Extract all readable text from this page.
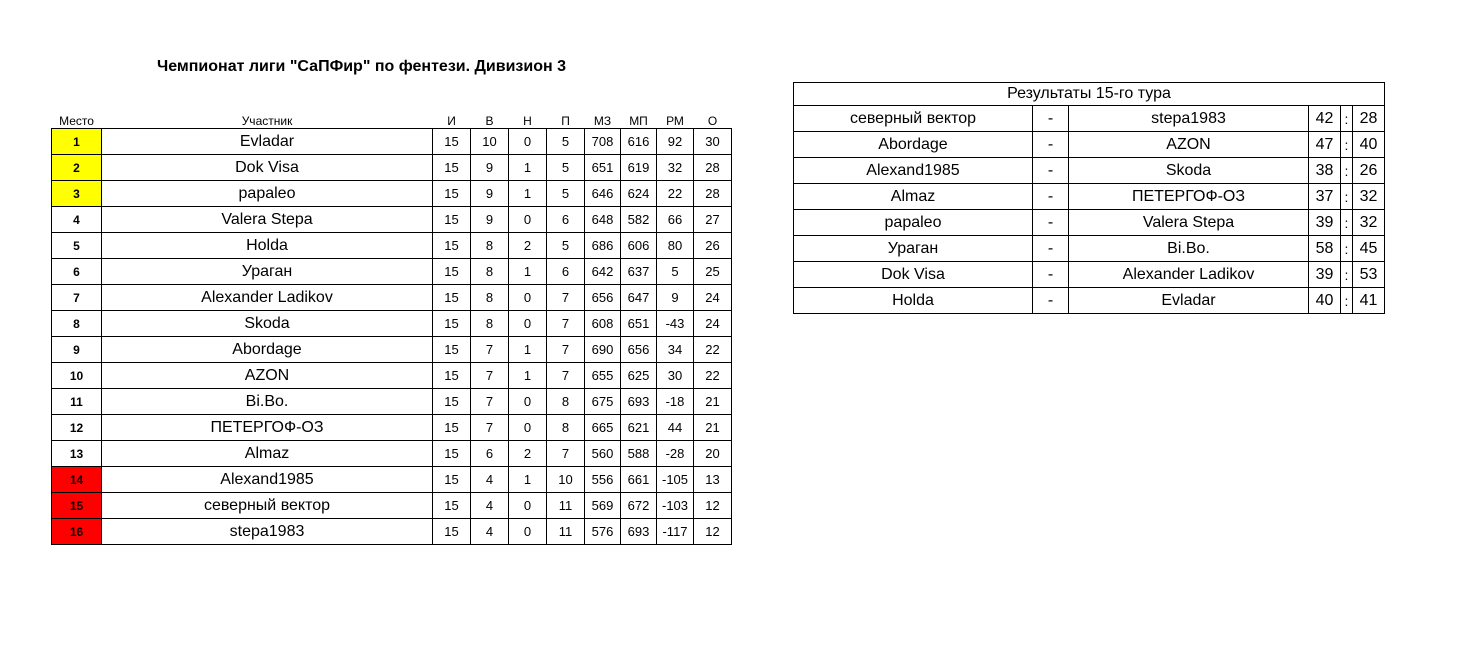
Чемпионат лиги "СаПФир" по фентези. Дивизион 3
Место	Участник	И	В	Н	П	МЗ	МП	РМ	О
1	Evladar	15	10	0	5	708	616	92	30
2	Dok Visa	15	9	1	5	651	619	32	28
3	papaleo	15	9	1	5	646	624	22	28
4	Valera Stepa	15	9	0	6	648	582	66	27
5	Holda	15	8	2	5	686	606	80	26
6	Ураган	15	8	1	6	642	637	5	25
7	Alexander Ladikov	15	8	0	7	656	647	9	24
8	Skoda	15	8	0	7	608	651	-43	24
9	Abordage	15	7	1	7	690	656	34	22
10	AZON	15	7	1	7	655	625	30	22
11	Bi.Bo.	15	7	0	8	675	693	-18	21
12	ПЕТЕРГОФ-ОЗ	15	7	0	8	665	621	44	21
13	Almaz	15	6	2	7	560	588	-28	20
14	Alexand1985	15	4	1	10	556	661	-105	13
15	северный вектор	15	4	0	11	569	672	-103	12
16	stepa1983	15	4	0	11	576	693	-117	12
Результаты 15-го тура					
северный вектор	-	stepa1983	42	:	28
Abordage	-	AZON	47	:	40
Alexand1985	-	Skoda	38	:	26
Almaz	-	ПЕТЕРГОФ-ОЗ	37	:	32
papaleo	-	Valera Stepa	39	:	32
Ураган	-	Bi.Bo.	58	:	45
Dok Visa	-	Alexander Ladikov	39	:	53
Holda	-	Evladar	40	:	41
